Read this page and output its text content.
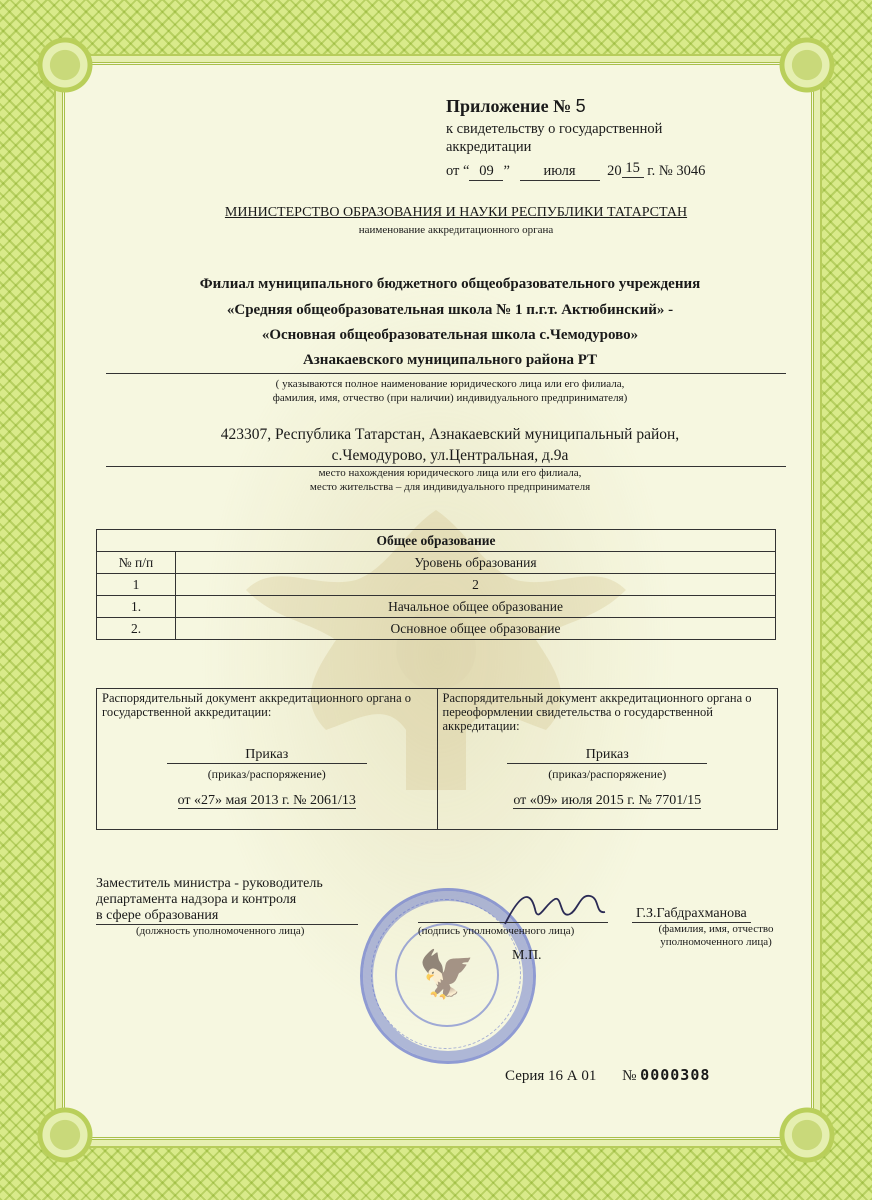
Приложение № 5
к свидетельству о государственной аккредитации
от “ 09 ” июля 20 15 г. № 3046
МИНИСТЕРСТВО ОБРАЗОВАНИЯ И НАУКИ РЕСПУБЛИКИ ТАТАРСТАН
наименование аккредитационного органа
Филиал муниципального бюджетного общеобразовательного учреждения
«Средняя общеобразовательная школа № 1 п.г.т. Актюбинский» -
«Основная общеобразовательная школа с.Чемодурово»
Азнакаевского муниципального района РТ
( указываются полное наименование юридического лица или его филиала,
фамилия, имя, отчество (при наличии) индивидуального предпринимателя)
423307, Республика Татарстан, Азнакаевский муниципальный район,
с.Чемодурово, ул.Центральная, д.9а
место нахождения юридического лица или его филиала,
место жительства – для индивидуального предпринимателя
Общее образование	
№ п/п	Уровень образования
1	2
1.	Начальное общее образование
2.	Основное общее образование
Распорядительный документ аккредитационного органа о государственной аккредитации:
Приказ
(приказ/распоряжение)
от «27» мая 2013 г. № 2061/13
Распорядительный документ аккредитационного органа о переоформлении свидетельства о государственной аккредитации:
Приказ
(приказ/распоряжение)
от «09» июля 2015 г. № 7701/15
Заместитель министра - руководитель
департамента надзора и контроля
в сфере образования
(должность уполномоченного лица)
🦅
(подпись уполномоченного лица)
Г.З.Габдрахманова
(фамилия, имя, отчество уполномоченного лица)
М.П.
Серия 16 А 01 № 0000308
